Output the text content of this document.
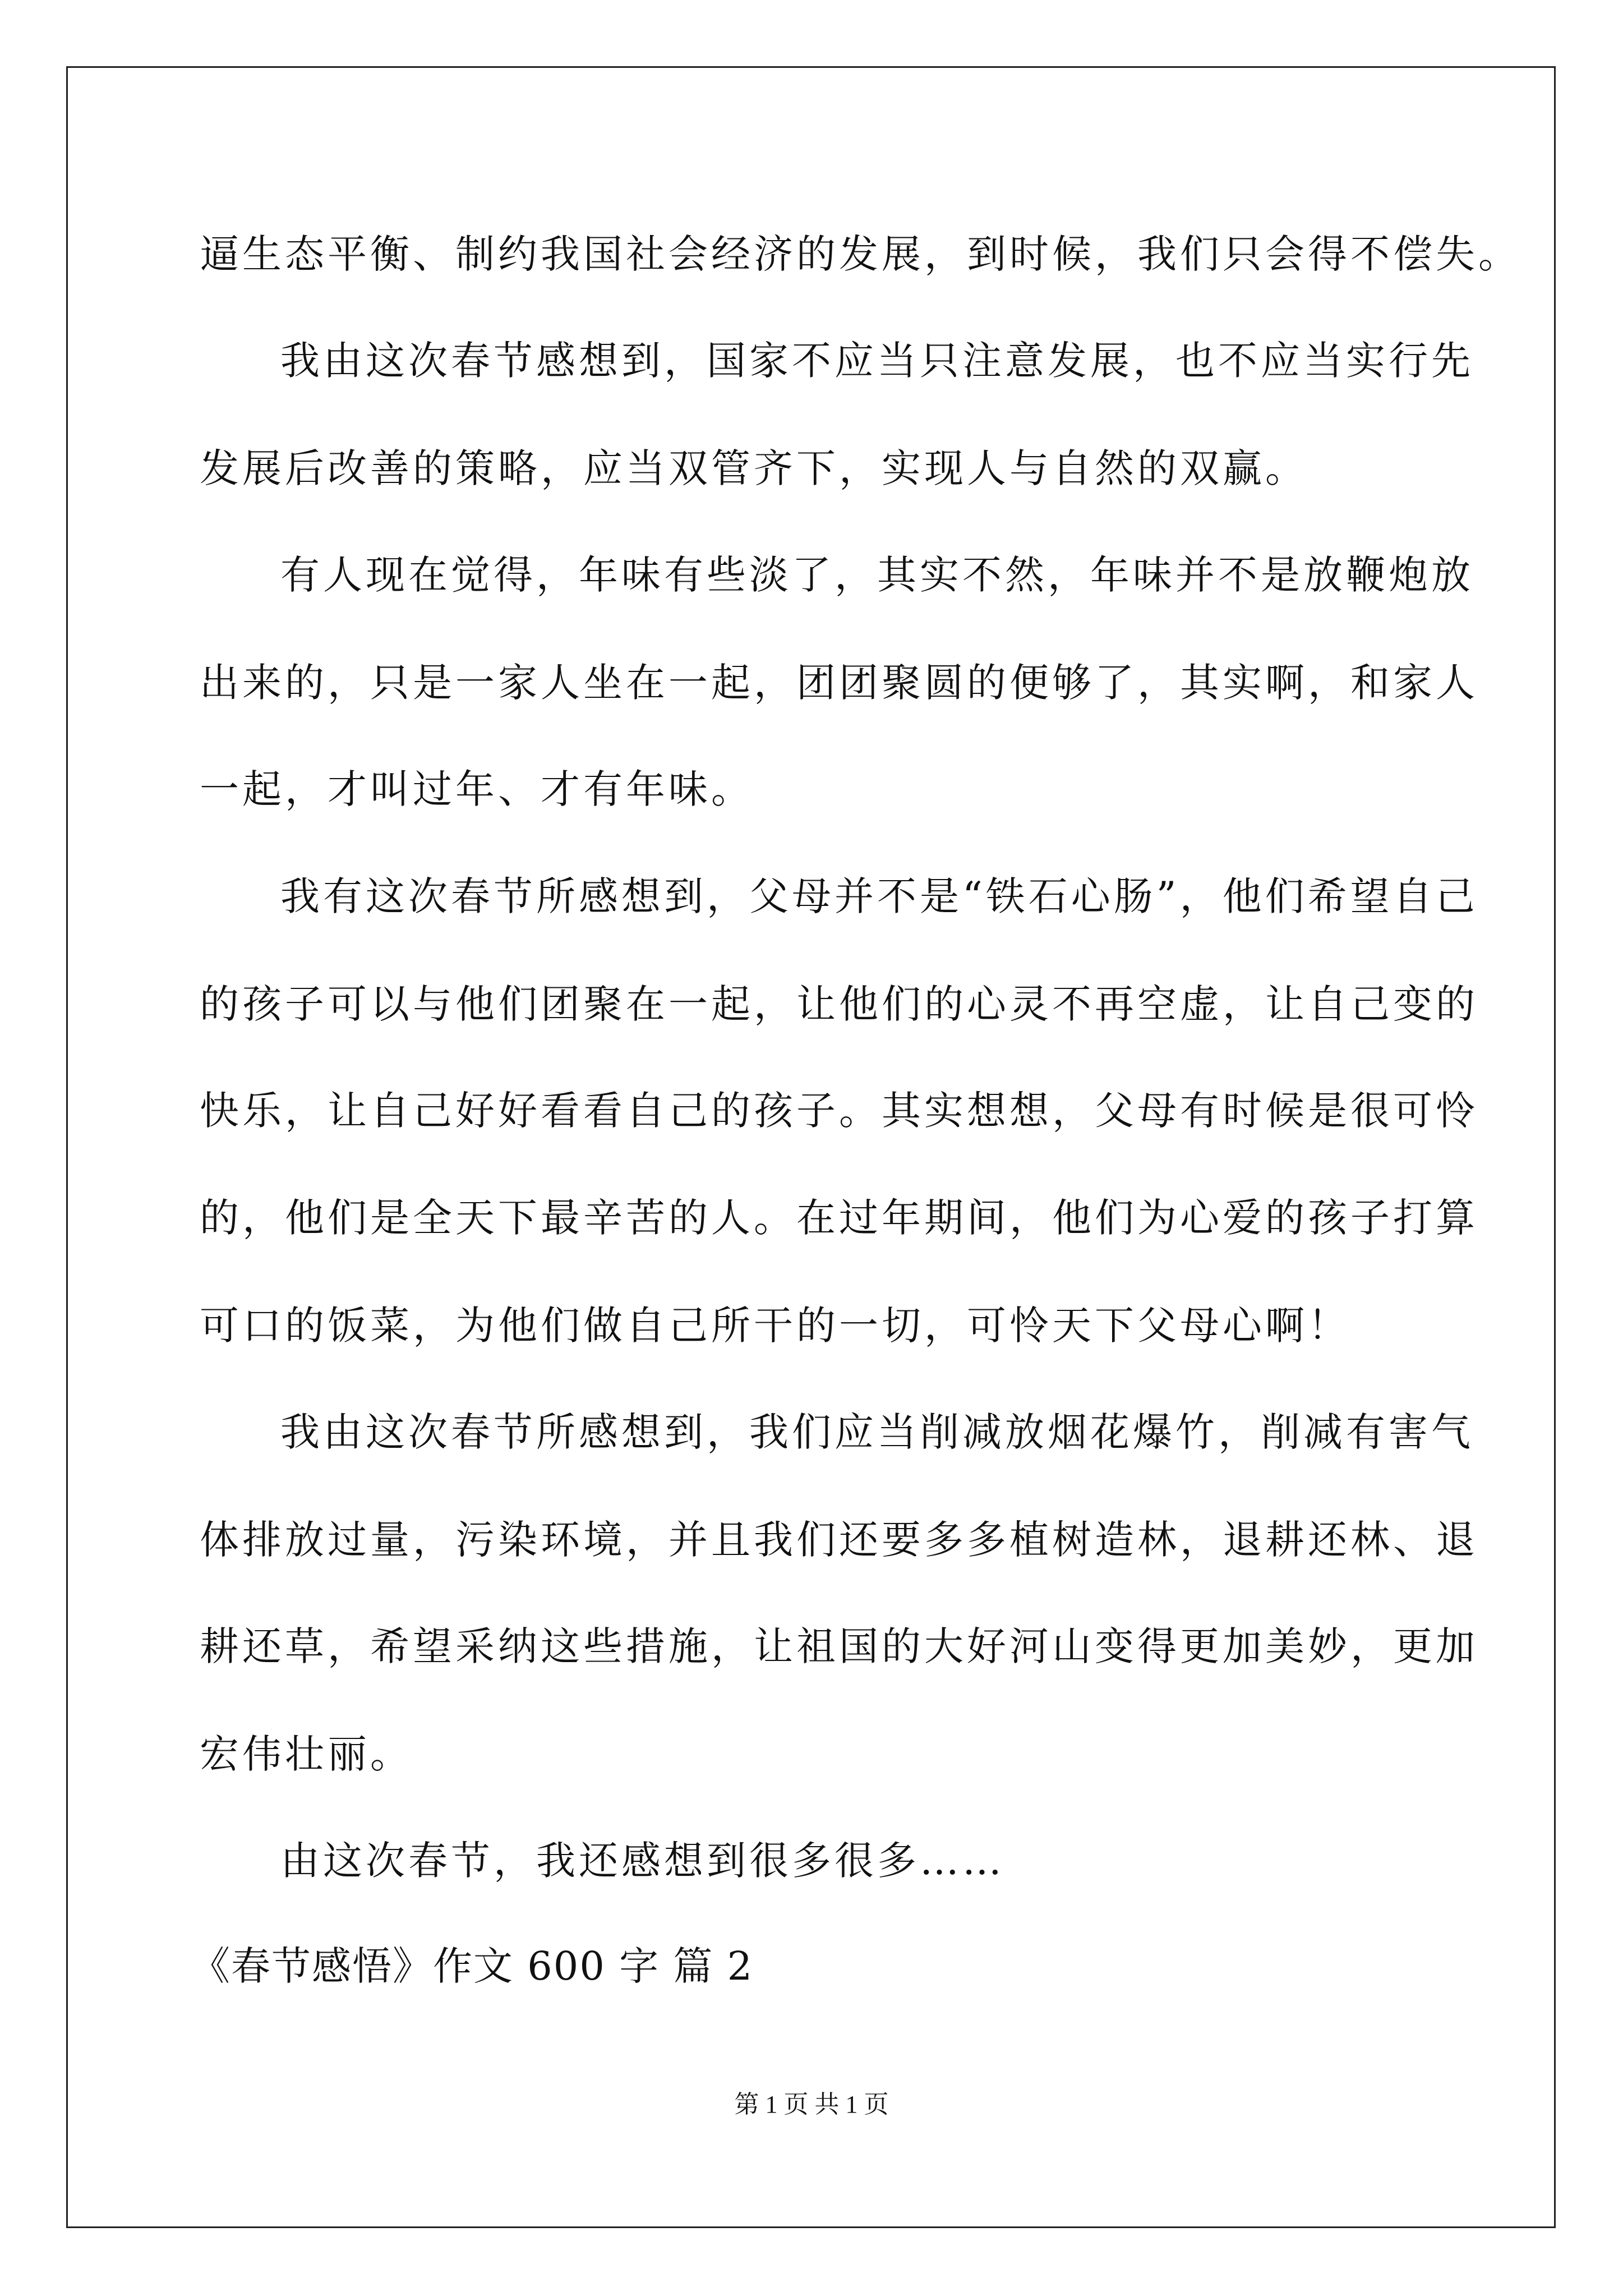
逼生态平衡、制约我国社会经济的发展，到时候，我们只会得不偿失。
我由这次春节感想到，国家不应当只注意发展，也不应当实行先
发展后改善的策略，应当双管齐下，实现人与自然的双赢。
有人现在觉得，年味有些淡了，其实不然，年味并不是放鞭炮放
出来的，只是一家人坐在一起，团团聚圆的便够了，其实啊，和家人
一起，才叫过年、才有年味。
我有这次春节所感想到，父母并不是“铁石心肠”，他们希望自己
的孩子可以与他们团聚在一起，让他们的心灵不再空虚，让自己变的
快乐，让自己好好看看自己的孩子。其实想想，父母有时候是很可怜
的，他们是全天下最辛苦的人。在过年期间，他们为心爱的孩子打算
可口的饭菜，为他们做自己所干的一切，可怜天下父母心啊！
我由这次春节所感想到，我们应当削减放烟花爆竹，削减有害气
体排放过量，污染环境，并且我们还要多多植树造林，退耕还林、退
耕还草，希望采纳这些措施，让祖国的大好河山变得更加美妙，更加
宏伟壮丽。
由这次春节，我还感想到很多很多……
《春节感悟》作文 600 字 篇 2
第 1 页 共 1 页
